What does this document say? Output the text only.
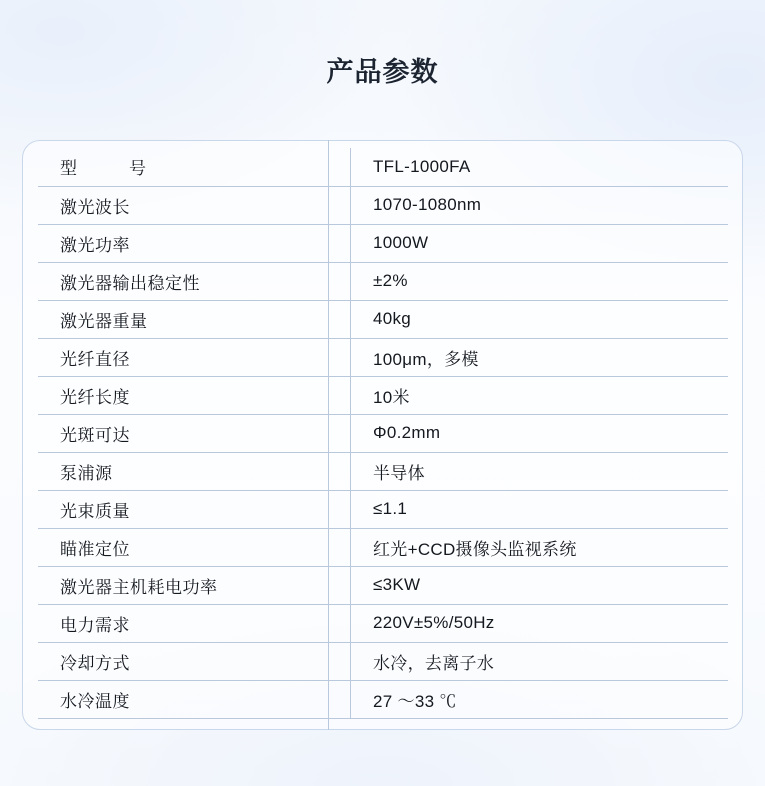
产品参数
型　　号	TFL-1000FA
激光波长	1070-1080nm
激光功率	1000W
激光器输出稳定性	±2%
激光器重量	40kg
光纤直径	100μm，多模
光纤长度	10米
光斑可达	Φ0.2mm
泵浦源	半导体
光束质量	≤1.1
瞄准定位	红光+CCD摄像头监视系统
激光器主机耗电功率	≤3KW
电力需求	220V±5%/50Hz
冷却方式	水冷，去离子水
水冷温度	27 ～33 ℃
